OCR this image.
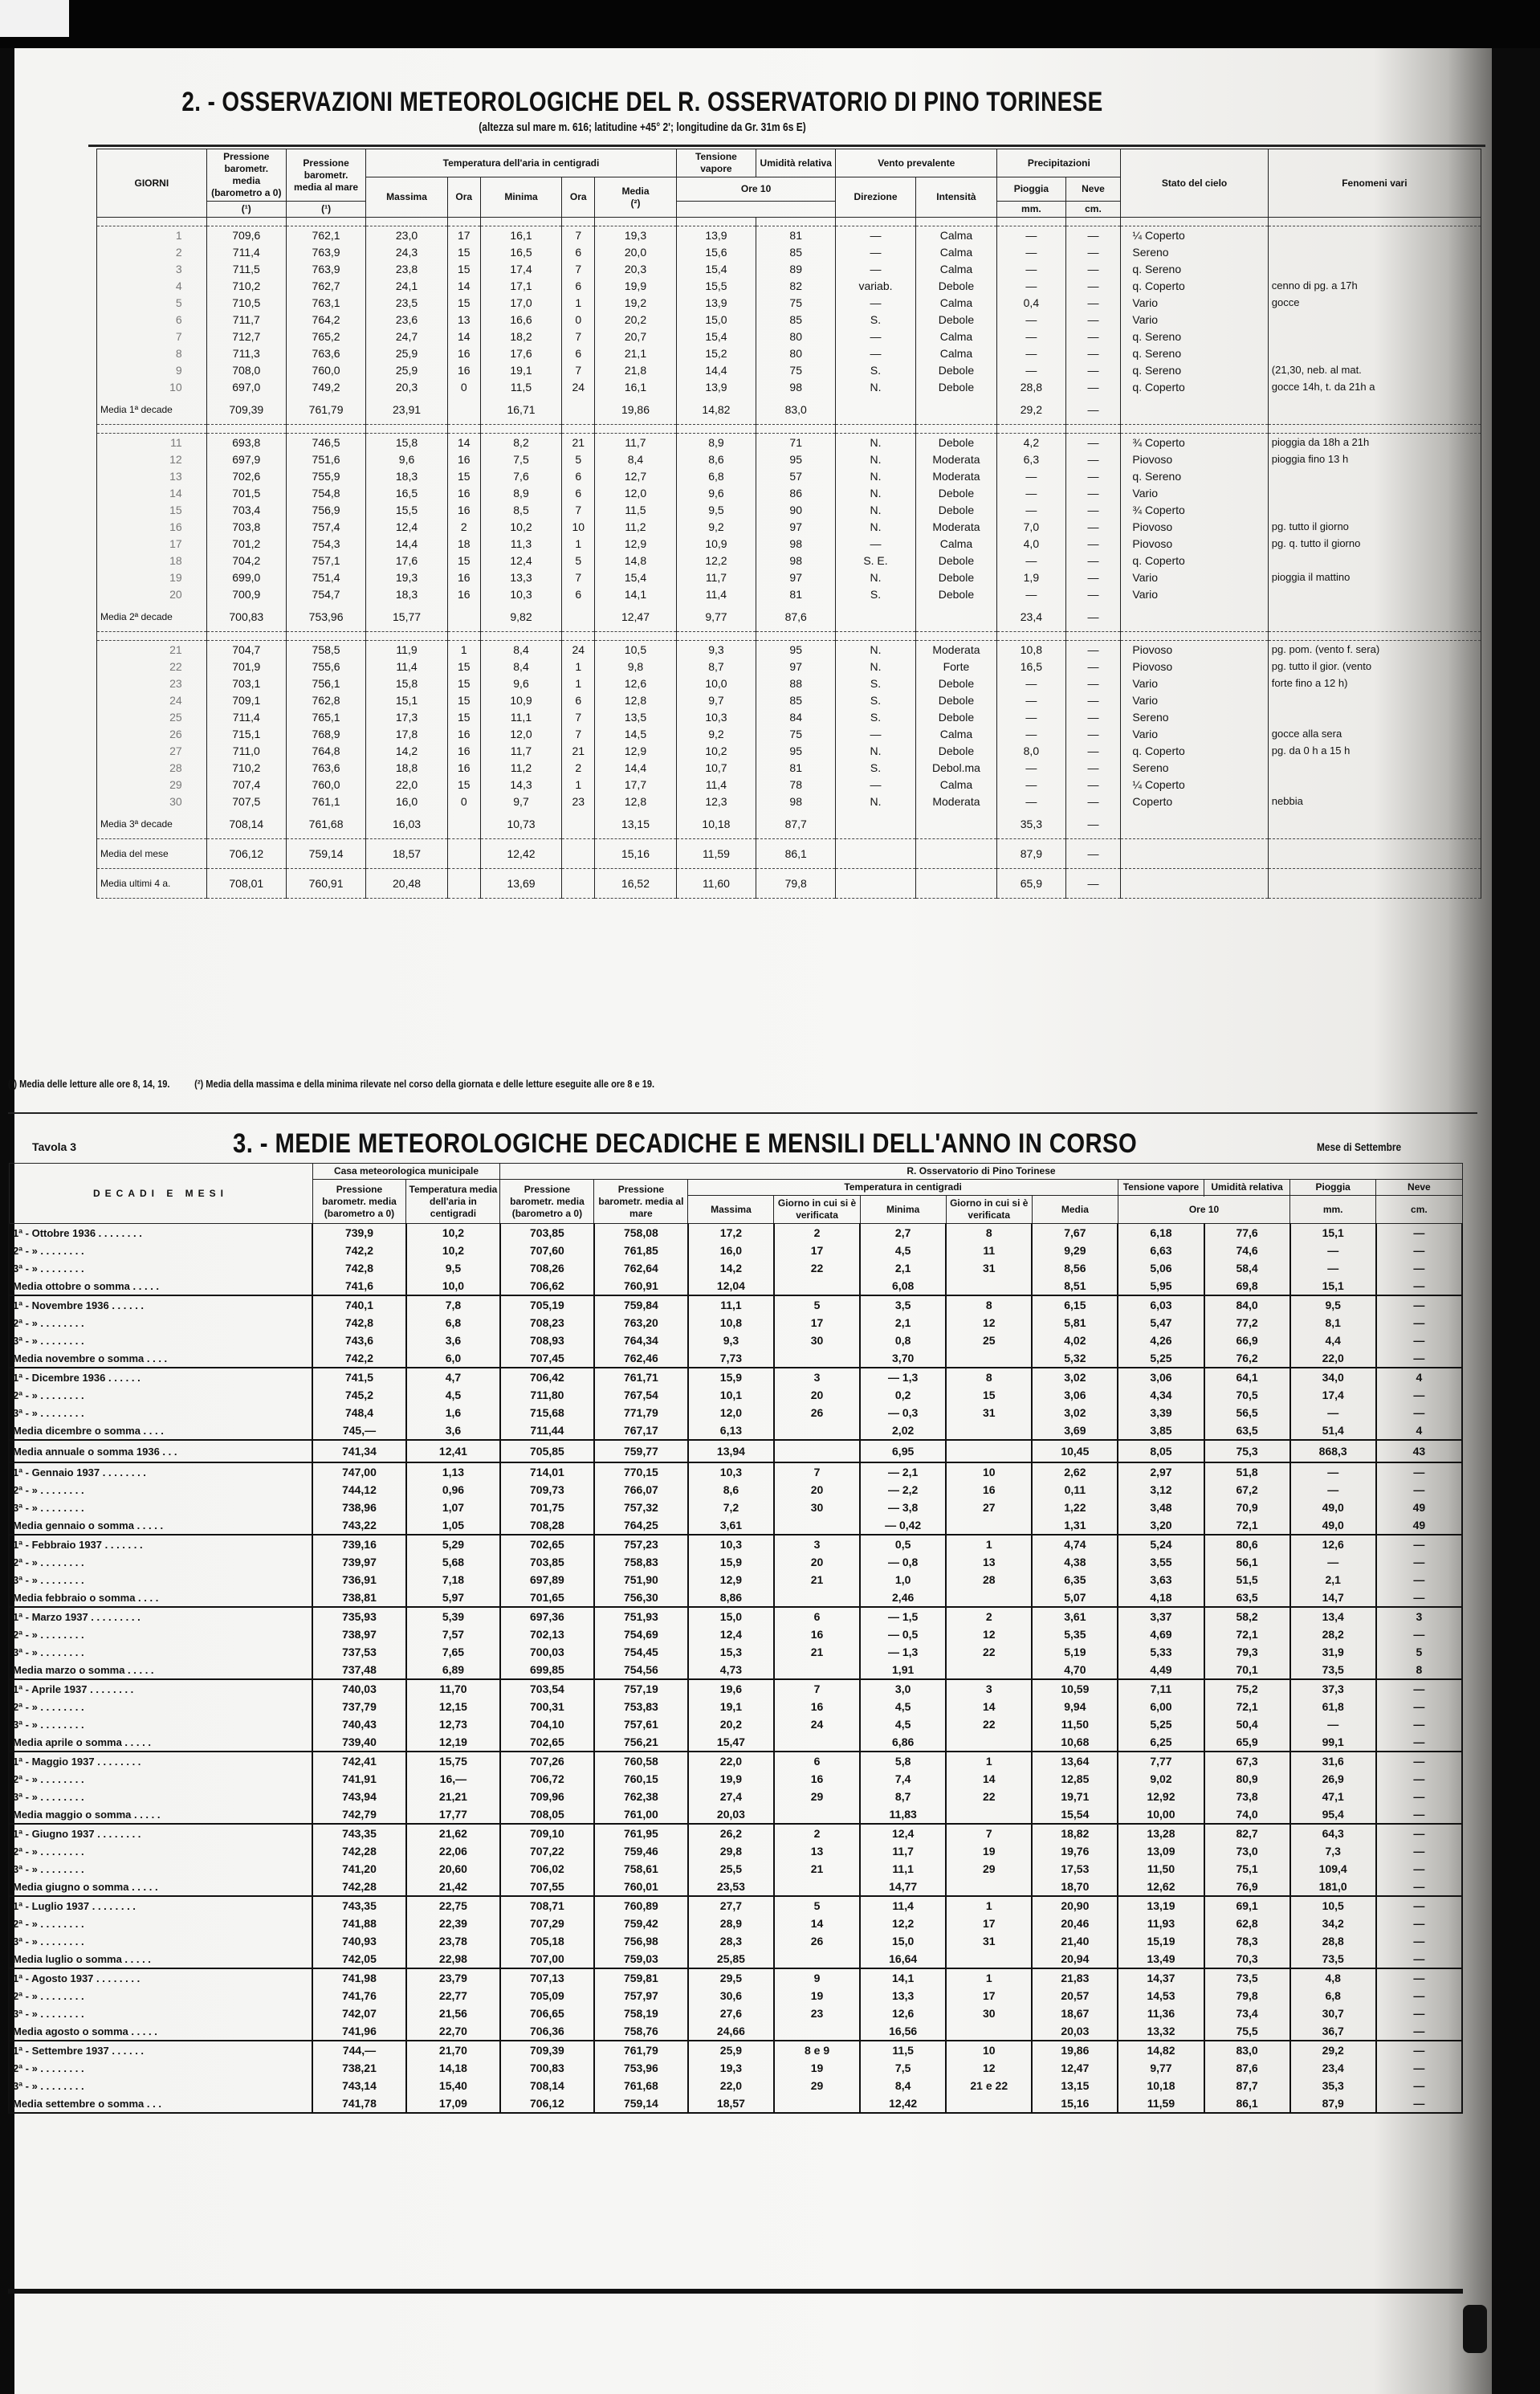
2. - OSSERVAZIONI METEOROLOGICHE DEL R. OSSERVATORIO DI PINO TORINESE
(altezza sul mare m. 616; latitudine +45° 2'; longitudine da Gr. 31m 6s E)
GIORNI	Pressione barometr. media (barometro a 0)	Pressione barometr. media al mare	Temperatura dell'aria in centigradi					Tensione vapore	Umidità relativa	Vento prevalente		Precipitazioni		Stato del cielo	Fenomeni vari
			Massima	Ora	Minima	Ora	Media
(²)	Ore 10		Direzione	Intensità	Pioggia	Neve		
	(¹)	(¹)										mm.	cm.		

1	709,6	762,1	23,0	17	16,1	7	19,3	13,9	81	—	Calma	—	—	¼ Coperto	
2	711,4	763,9	24,3	15	16,5	6	20,0	15,6	85	—	Calma	—	—	Sereno	
3	711,5	763,9	23,8	15	17,4	7	20,3	15,4	89	—	Calma	—	—	q. Sereno	
4	710,2	762,7	24,1	14	17,1	6	19,9	15,5	82	variab.	Debole	—	—	q. Coperto	cenno di pg. a 17h
5	710,5	763,1	23,5	15	17,0	1	19,2	13,9	75	—	Calma	0,4	—	Vario	gocce
6	711,7	764,2	23,6	13	16,6	0	20,2	15,0	85	S.	Debole	—	—	Vario	
7	712,7	765,2	24,7	14	18,2	7	20,7	15,4	80	—	Calma	—	—	q. Sereno	
8	711,3	763,6	25,9	16	17,6	6	21,1	15,2	80	—	Calma	—	—	q. Sereno	
9	708,0	760,0	25,9	16	19,1	7	21,8	14,4	75	S.	Debole	—	—	q. Sereno	(21,30, neb. al mat.
10	697,0	749,2	20,3	0	11,5	24	16,1	13,9	98	N.	Debole	28,8	—	q. Coperto	gocce 14h, t. da 21h a
Media 1ª decade	709,39	761,79	23,91		16,71		19,86	14,82	83,0			29,2	—		

11	693,8	746,5	15,8	14	8,2	21	11,7	8,9	71	N.	Debole	4,2	—	¾ Coperto	pioggia da 18h a 21h
12	697,9	751,6	9,6	16	7,5	5	8,4	8,6	95	N.	Moderata	6,3	—	Piovoso	pioggia fino 13 h
13	702,6	755,9	18,3	15	7,6	6	12,7	6,8	57	N.	Moderata	—	—	q. Sereno	
14	701,5	754,8	16,5	16	8,9	6	12,0	9,6	86	N.	Debole	—	—	Vario	
15	703,4	756,9	15,5	16	8,5	7	11,5	9,5	90	N.	Debole	—	—	¾ Coperto	
16	703,8	757,4	12,4	2	10,2	10	11,2	9,2	97	N.	Moderata	7,0	—	Piovoso	pg. tutto il giorno
17	701,2	754,3	14,4	18	11,3	1	12,9	10,9	98	—	Calma	4,0	—	Piovoso	pg. q. tutto il giorno
18	704,2	757,1	17,6	15	12,4	5	14,8	12,2	98	S. E.	Debole	—	—	q. Coperto	
19	699,0	751,4	19,3	16	13,3	7	15,4	11,7	97	N.	Debole	1,9	—	Vario	pioggia il mattino
20	700,9	754,7	18,3	16	10,3	6	14,1	11,4	81	S.	Debole	—	—	Vario	
Media 2ª decade	700,83	753,96	15,77		9,82		12,47	9,77	87,6			23,4	—		

21	704,7	758,5	11,9	1	8,4	24	10,5	9,3	95	N.	Moderata	10,8	—	Piovoso	pg. pom. (vento f. sera)
22	701,9	755,6	11,4	15	8,4	1	9,8	8,7	97	N.	Forte	16,5	—	Piovoso	pg. tutto il gior. (vento
23	703,1	756,1	15,8	15	9,6	1	12,6	10,0	88	S.	Debole	—	—	Vario	forte fino a 12 h)
24	709,1	762,8	15,1	15	10,9	6	12,8	9,7	85	S.	Debole	—	—	Vario	
25	711,4	765,1	17,3	15	11,1	7	13,5	10,3	84	S.	Debole	—	—	Sereno	
26	715,1	768,9	17,8	16	12,0	7	14,5	9,2	75	—	Calma	—	—	Vario	gocce alla sera
27	711,0	764,8	14,2	16	11,7	21	12,9	10,2	95	N.	Debole	8,0	—	q. Coperto	pg. da 0 h a 15 h
28	710,2	763,6	18,8	16	11,2	2	14,4	10,7	81	S.	Debol.ma	—	—	Sereno	
29	707,4	760,0	22,0	15	14,3	1	17,7	11,4	78	—	Calma	—	—	¼ Coperto	
30	707,5	761,1	16,0	0	9,7	23	12,8	12,3	98	N.	Moderata	—	—	Coperto	nebbia
Media 3ª decade	708,14	761,68	16,03		10,73		13,15	10,18	87,7			35,3	—		
Media del mese	706,12	759,14	18,57		12,42		15,16	11,59	86,1			87,9	—		
Media ultimi 4 a.	708,01	760,91	20,48		13,69		16,52	11,60	79,8			65,9	—		
(¹) Media delle letture alle ore 8, 14, 19. (²) Media della massima e della minima rilevate nel corso della giornata e delle letture eseguite alle ore 8 e 19.
Tavola 3	3. - MEDIE METEOROLOGICHE DECADICHE E MENSILI DELL'ANNO IN CORSO	Mese di Settembre
DECADI E MESI	Casa meteorologica municipale		R. Osservatorio di Pino Torinese										
	Pressione barometr. media (barometro a 0)	Temperatura media dell'aria in centigradi	Pressione barometr. media (barometro a 0)	Pressione barometr. media al mare	Temperatura in centigradi					Tensione vapore	Umidità relativa	Pioggia	Neve
					Massima	Giorno in cui si è verificata	Minima	Giorno in cui si è verificata	Media				
										Ore 10		mm.	cm.
1ª - Ottobre 1936 . . . . . . . .	739,9	10,2	703,85	758,08	17,2	2	2,7	8	7,67	6,18	77,6	15,1	—
2ª - » . . . . . . . .	742,2	10,2	707,60	761,85	16,0	17	4,5	11	9,29	6,63	74,6	—	—
3ª - » . . . . . . . .	742,8	9,5	708,26	762,64	14,2	22	2,1	31	8,56	5,06	58,4	—	—
Media ottobre o somma . . . . .	741,6	10,0	706,62	760,91	12,04		6,08		8,51	5,95	69,8	15,1	—
1ª - Novembre 1936 . . . . . .	740,1	7,8	705,19	759,84	11,1	5	3,5	8	6,15	6,03	84,0	9,5	—
2ª - » . . . . . . . .	742,8	6,8	708,23	763,20	10,8	17	2,1	12	5,81	5,47	77,2	8,1	—
3ª - » . . . . . . . .	743,6	3,6	708,93	764,34	9,3	30	0,8	25	4,02	4,26	66,9	4,4	—
Media novembre o somma . . . .	742,2	6,0	707,45	762,46	7,73		3,70		5,32	5,25	76,2	22,0	—
1ª - Dicembre 1936 . . . . . .	741,5	4,7	706,42	761,71	15,9	3	— 1,3	8	3,02	3,06	64,1	34,0	4
2ª - » . . . . . . . .	745,2	4,5	711,80	767,54	10,1	20	0,2	15	3,06	4,34	70,5	17,4	—
3ª - » . . . . . . . .	748,4	1,6	715,68	771,79	12,0	26	— 0,3	31	3,02	3,39	56,5	—	—
Media dicembre o somma . . . .	745,—	3,6	711,44	767,17	6,13		2,02		3,69	3,85	63,5	51,4	4
Media annuale o somma 1936 . . .	741,34	12,41	705,85	759,77	13,94		6,95		10,45	8,05	75,3	868,3	43
1ª - Gennaio 1937 . . . . . . . .	747,00	1,13	714,01	770,15	10,3	7	— 2,1	10	2,62	2,97	51,8	—	—
2ª - » . . . . . . . .	744,12	0,96	709,73	766,07	8,6	20	— 2,2	16	0,11	3,12	67,2	—	—
3ª - » . . . . . . . .	738,96	1,07	701,75	757,32	7,2	30	— 3,8	27	1,22	3,48	70,9	49,0	49
Media gennaio o somma . . . . .	743,22	1,05	708,28	764,25	3,61		— 0,42		1,31	3,20	72,1	49,0	49
1ª - Febbraio 1937 . . . . . . .	739,16	5,29	702,65	757,23	10,3	3	0,5	1	4,74	5,24	80,6	12,6	—
2ª - » . . . . . . . .	739,97	5,68	703,85	758,83	15,9	20	— 0,8	13	4,38	3,55	56,1	—	—
3ª - » . . . . . . . .	736,91	7,18	697,89	751,90	12,9	21	1,0	28	6,35	3,63	51,5	2,1	—
Media febbraio o somma . . . .	738,81	5,97	701,65	756,30	8,86		2,46		5,07	4,18	63,5	14,7	—
1ª - Marzo 1937 . . . . . . . . .	735,93	5,39	697,36	751,93	15,0	6	— 1,5	2	3,61	3,37	58,2	13,4	3
2ª - » . . . . . . . .	738,97	7,57	702,13	754,69	12,4	16	— 0,5	12	5,35	4,69	72,1	28,2	—
3ª - » . . . . . . . .	737,53	7,65	700,03	754,45	15,3	21	— 1,3	22	5,19	5,33	79,3	31,9	5
Media marzo o somma . . . . .	737,48	6,89	699,85	754,56	4,73		1,91		4,70	4,49	70,1	73,5	8
1ª - Aprile 1937 . . . . . . . .	740,03	11,70	703,54	757,19	19,6	7	3,0	3	10,59	7,11	75,2	37,3	—
2ª - » . . . . . . . .	737,79	12,15	700,31	753,83	19,1	16	4,5	14	9,94	6,00	72,1	61,8	—
3ª - » . . . . . . . .	740,43	12,73	704,10	757,61	20,2	24	4,5	22	11,50	5,25	50,4	—	—
Media aprile o somma . . . . .	739,40	12,19	702,65	756,21	15,47		6,86		10,68	6,25	65,9	99,1	—
1ª - Maggio 1937 . . . . . . . .	742,41	15,75	707,26	760,58	22,0	6	5,8	1	13,64	7,77	67,3	31,6	—
2ª - » . . . . . . . .	741,91	16,—	706,72	760,15	19,9	16	7,4	14	12,85	9,02	80,9	26,9	—
3ª - » . . . . . . . .	743,94	21,21	709,96	762,38	27,4	29	8,7	22	19,71	12,92	73,8	47,1	—
Media maggio o somma . . . . .	742,79	17,77	708,05	761,00	20,03		11,83		15,54	10,00	74,0	95,4	—
1ª - Giugno 1937 . . . . . . . .	743,35	21,62	709,10	761,95	26,2	2	12,4	7	18,82	13,28	82,7	64,3	—
2ª - » . . . . . . . .	742,28	22,06	707,22	759,46	29,8	13	11,7	19	19,76	13,09	73,0	7,3	—
3ª - » . . . . . . . .	741,20	20,60	706,02	758,61	25,5	21	11,1	29	17,53	11,50	75,1	109,4	—
Media giugno o somma . . . . .	742,28	21,42	707,55	760,01	23,53		14,77		18,70	12,62	76,9	181,0	—
1ª - Luglio 1937 . . . . . . . .	743,35	22,75	708,71	760,89	27,7	5	11,4	1	20,90	13,19	69,1	10,5	—
2ª - » . . . . . . . .	741,88	22,39	707,29	759,42	28,9	14	12,2	17	20,46	11,93	62,8	34,2	—
3ª - » . . . . . . . .	740,93	23,78	705,18	756,98	28,3	26	15,0	31	21,40	15,19	78,3	28,8	—
Media luglio o somma . . . . .	742,05	22,98	707,00	759,03	25,85		16,64		20,94	13,49	70,3	73,5	—
1ª - Agosto 1937 . . . . . . . .	741,98	23,79	707,13	759,81	29,5	9	14,1	1	21,83	14,37	73,5	4,8	—
2ª - » . . . . . . . .	741,76	22,77	705,09	757,97	30,6	19	13,3	17	20,57	14,53	79,8	6,8	—
3ª - » . . . . . . . .	742,07	21,56	706,65	758,19	27,6	23	12,6	30	18,67	11,36	73,4	30,7	—
Media agosto o somma . . . . .	741,96	22,70	706,36	758,76	24,66		16,56		20,03	13,32	75,5	36,7	—
1ª - Settembre 1937 . . . . . .	744,—	21,70	709,39	761,79	25,9	8 e 9	11,5	10	19,86	14,82	83,0	29,2	—
2ª - » . . . . . . . .	738,21	14,18	700,83	753,96	19,3	19	7,5	12	12,47	9,77	87,6	23,4	—
3ª - » . . . . . . . .	743,14	15,40	708,14	761,68	22,0	29	8,4	21 e 22	13,15	10,18	87,7	35,3	—
Media settembre o somma . . .	741,78	17,09	706,12	759,14	18,57		12,42		15,16	11,59	86,1	87,9	—
